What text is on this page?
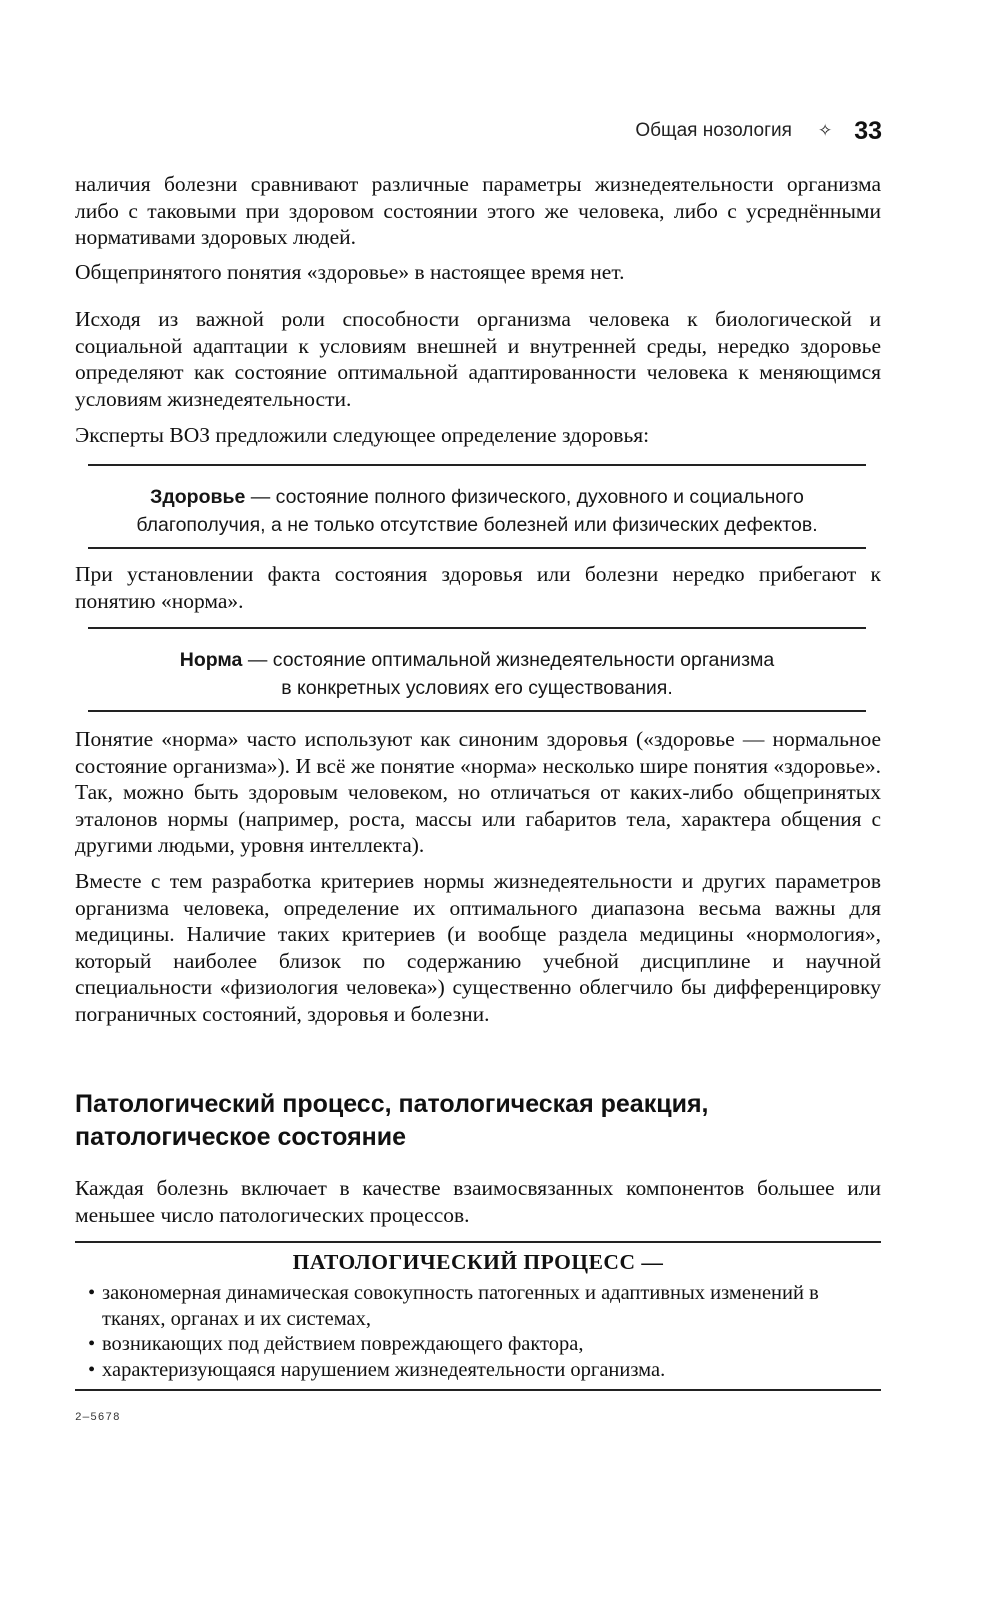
Общая нозология ✧ 33

наличия болезни сравнивают различные параметры жизнедеятельности организма либо с таковыми при здоровом состоянии этого же человека, либо с усреднёнными нормативами здоровых людей.

Общепринятого понятия «здоровье» в настоящее время нет.

Исходя из важной роли способности организма человека к биологической и социальной адаптации к условиям внешней и внутренней среды, нередко здоровье определяют как состояние оптимальной адаптированности человека к меняющимся условиям жизнедеятельности.

Эксперты ВОЗ предложили следующее определение здоровья:

Здоровье — состояние полного физического, духовного и социального благополучия, а не только отсутствие болезней или физических дефектов.

При установлении факта состояния здоровья или болезни нередко прибегают к понятию «норма».

Норма — состояние оптимальной жизнедеятельности организма
в конкретных условиях его существования.

Понятие «норма» часто используют как синоним здоровья («здоровье — нормальное состояние организма»). И всё же понятие «норма» несколько шире понятия «здоровье». Так, можно быть здоровым человеком, но отличаться от каких-либо общепринятых эталонов нормы (например, роста, массы или габаритов тела, характера общения с другими людьми, уровня интеллекта).

Вместе с тем разработка критериев нормы жизнедеятельности и других параметров организма человека, определение их оптимального диапазона весьма важны для медицины. Наличие таких критериев (и вообще раздела медицины «нормология», который наиболее близок по содержанию учебной дисциплине и научной специальности «физиология человека») существенно облегчило бы дифференцировку пограничных состояний, здоровья и болезни.

Патологический процесс, патологическая реакция,
патологическое состояние

Каждая болезнь включает в качестве взаимосвязанных компонентов большее или меньшее число патологических процессов.

ПАТОЛОГИЧЕСКИЙ ПРОЦЕСС —
• закономерная динамическая совокупность патогенных и адаптивных изменений в тканях, органах и их системах,
• возникающих под действием повреждающего фактора,
• характеризующаяся нарушением жизнедеятельности организма.
2—5678
